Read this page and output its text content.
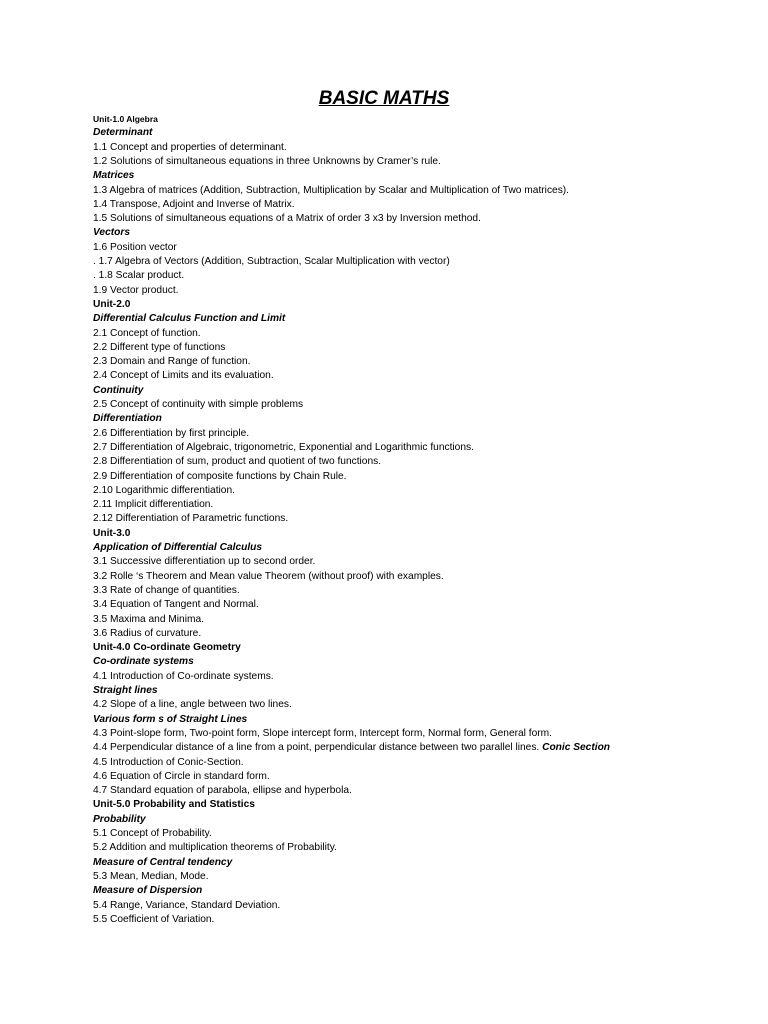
BASIC MATHS
Unit-1.0 Algebra
Determinant
1.1 Concept and properties of determinant.
1.2 Solutions of simultaneous equations in three Unknowns by Cramer’s rule.
Matrices
1.3 Algebra of matrices (Addition, Subtraction, Multiplication by Scalar and Multiplication of Two matrices).
1.4 Transpose, Adjoint and Inverse of Matrix.
1.5 Solutions of simultaneous equations of a Matrix of order 3 x3 by Inversion method.
Vectors
1.6 Position vector
. 1.7 Algebra of Vectors (Addition, Subtraction, Scalar Multiplication with vector)
. 1.8 Scalar product.
1.9 Vector product.
Unit-2.0
Differential Calculus Function and Limit
2.1 Concept of function.
2.2 Different type of functions
2.3 Domain and Range of function.
2.4 Concept of Limits and its evaluation.
Continuity
2.5 Concept of continuity with simple problems
Differentiation
2.6 Differentiation by first principle.
2.7 Differentiation of Algebraic, trigonometric, Exponential and Logarithmic functions.
2.8 Differentiation of sum, product and quotient of two functions.
2.9 Differentiation of composite functions by Chain Rule.
2.10 Logarithmic differentiation.
2.11 Implicit differentiation.
2.12 Differentiation of Parametric functions.
Unit-3.0
Application of Differential Calculus
3.1 Successive differentiation up to second order.
3.2 Rolle ‘s Theorem and Mean value Theorem (without proof) with examples.
3.3 Rate of change of quantities.
3.4 Equation of Tangent and Normal.
3.5 Maxima and Minima.
3.6 Radius of curvature.
Unit-4.0 Co-ordinate Geometry
Co-ordinate systems
4.1 Introduction of Co-ordinate systems.
Straight lines
4.2 Slope of a line, angle between two lines.
Various form s of Straight Lines
4.3 Point-slope form, Two-point form, Slope intercept form, Intercept form, Normal form, General form.
4.4 Perpendicular distance of a line from a point, perpendicular distance between two parallel lines. Conic Section
4.5 Introduction of Conic-Section.
4.6 Equation of Circle in standard form.
4.7 Standard equation of parabola, ellipse and hyperbola.
Unit-5.0 Probability and Statistics
Probability
5.1 Concept of Probability.
5.2 Addition and multiplication theorems of Probability.
Measure of Central tendency
5.3 Mean, Median, Mode.
Measure of Dispersion
5.4 Range, Variance, Standard Deviation.
5.5 Coefficient of Variation.
